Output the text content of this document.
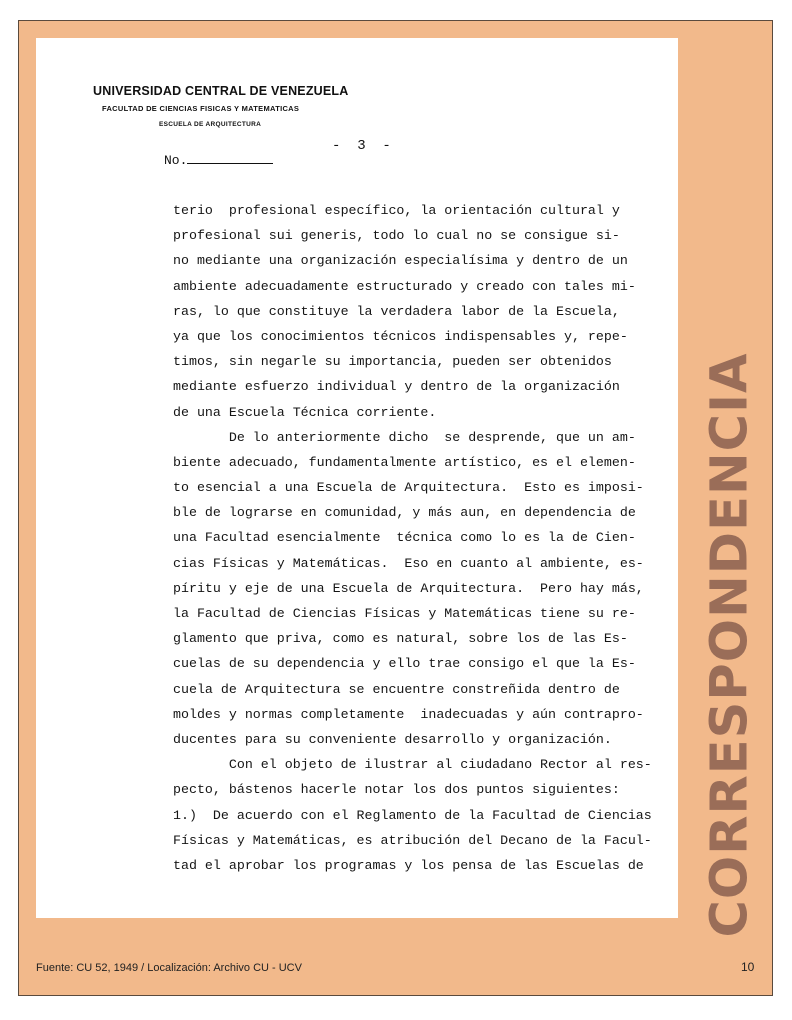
UNIVERSIDAD CENTRAL DE VENEZUELA
FACULTAD DE CIENCIAS FISICAS Y MATEMATICAS
ESCUELA DE ARQUITECTURA
-  3  -
No.
terio  profesional específico, la orientación cultural y
profesional sui generis, todo lo cual no se consigue si-
no mediante una organización especialísima y dentro de un
ambiente adecuadamente estructurado y creado con tales mi-
ras, lo que constituye la verdadera labor de la Escuela,
ya que los conocimientos técnicos indispensables y, repe-
timos, sin negarle su importancia, pueden ser obtenidos
mediante esfuerzo individual y dentro de la organización
de una Escuela Técnica corriente.
De lo anteriormente dicho  se desprende, que un am-
biente adecuado, fundamentalmente artístico, es el elemen-
to esencial a una Escuela de Arquitectura.  Esto es imposi-
ble de lograrse en comunidad, y más aun, en dependencia de
una Facultad esencialmente  técnica como lo es la de Cien-
cias Físicas y Matemáticas.  Eso en cuanto al ambiente, es-
píritu y eje de una Escuela de Arquitectura.  Pero hay más,
la Facultad de Ciencias Físicas y Matemáticas tiene su re-
glamento que priva, como es natural, sobre los de las Es-
cuelas de su dependencia y ello trae consigo el que la Es-
cuela de Arquitectura se encuentre constreñida dentro de
moldes y normas completamente  inadecuadas y aún contrapro-
ducentes para su conveniente desarrollo y organización.
Con el objeto de ilustrar al ciudadano Rector al res-
pecto, bástenos hacerle notar los dos puntos siguientes:
1.)  De acuerdo con el Reglamento de la Facultad de Ciencias
Físicas y Matemáticas, es atribución del Decano de la Facul-
tad el aprobar los programas y los pensa de las Escuelas de CORRESPONDENCIA
Fuente: CU 52, 1949 / Localización: Archivo CU - UCV	10
